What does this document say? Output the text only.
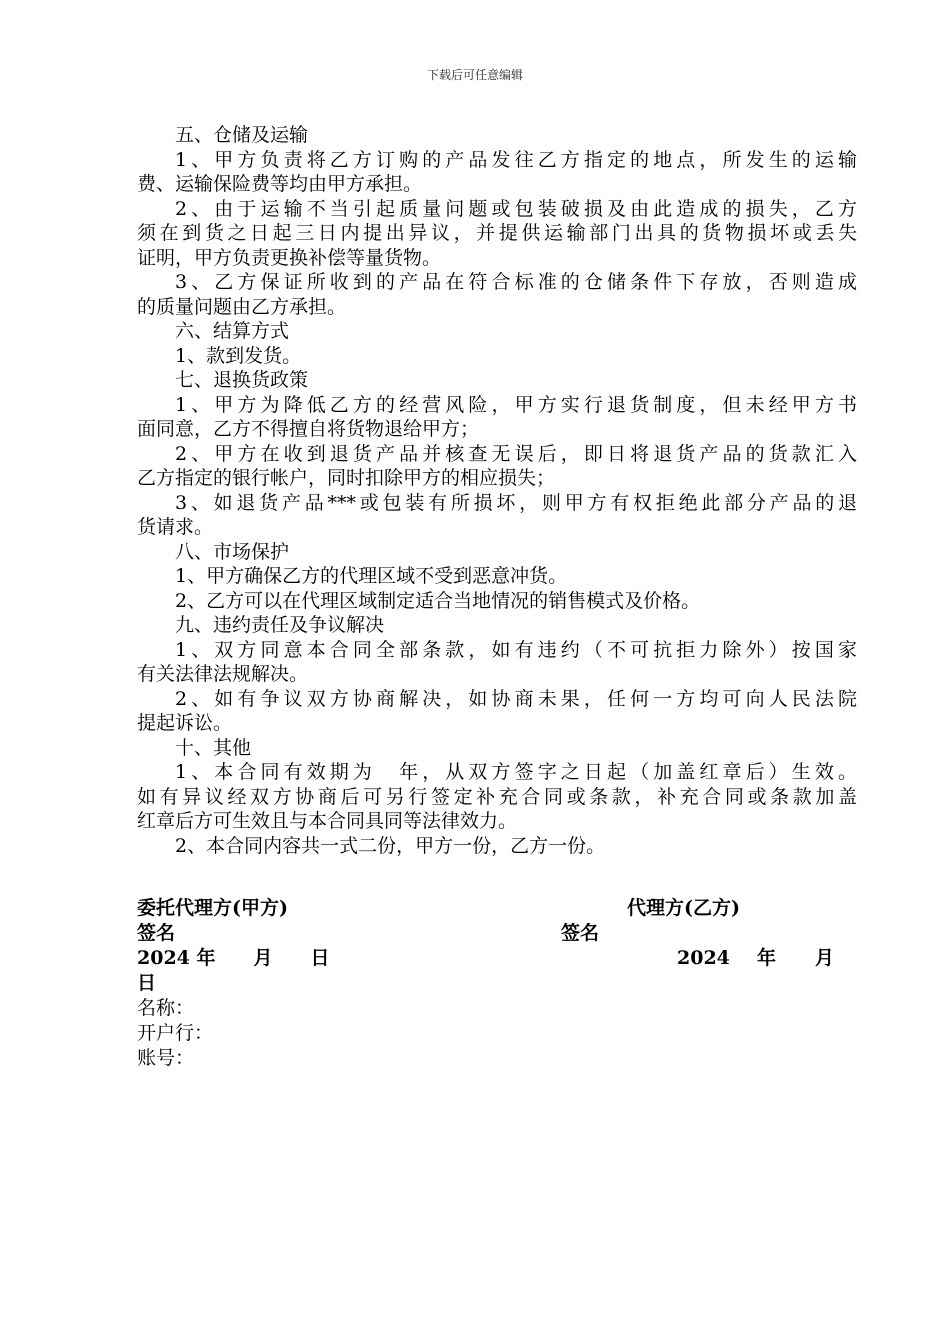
下载后可任意编辑
五、仓储及运输
1、甲方负责将乙方订购的产品发往乙方指定的地点，所发生的运输
费、运输保险费等均由甲方承担。
2、由于运输不当引起质量问题或包装破损及由此造成的损失，乙方
须在到货之日起三日内提出异议，并提供运输部门出具的货物损坏或丢失
证明，甲方负责更换补偿等量货物。
3、乙方保证所收到的产品在符合标准的仓储条件下存放，否则造成
的质量问题由乙方承担。
六、结算方式
1、款到发货。
七、退换货政策
1、甲方为降低乙方的经营风险，甲方实行退货制度，但未经甲方书
面同意，乙方不得擅自将货物退给甲方；
2、甲方在收到退货产品并核查无误后，即日将退货产品的货款汇入
乙方指定的银行帐户，同时扣除甲方的相应损失；
3、如退货产品***或包装有所损坏，则甲方有权拒绝此部分产品的退
货请求。
八、市场保护
1、甲方确保乙方的代理区域不受到恶意冲货。
2、乙方可以在代理区域制定适合当地情况的销售模式及价格。
九、违约责任及争议解决
1、双方同意本合同全部条款，如有违约（不可抗拒力除外）按国家
有关法律法规解决。
2、如有争议双方协商解决，如协商未果，任何一方均可向人民法院
提起诉讼。
十、其他
1、本合同有效期为　年，从双方签字之日起（加盖红章后）生效。
如有异议经双方协商后可另行签定补充合同或条款，补充合同或条款加盖
红章后方可生效且与本合同具同等法律效力。
2、本合同内容共一式二份，甲方一份，乙方一份。
委托代理方(甲方)	代理方(乙方)
签名	签名
2024 年　　月　　日	2024 年 月
日
名称：
开户行：
账号：
